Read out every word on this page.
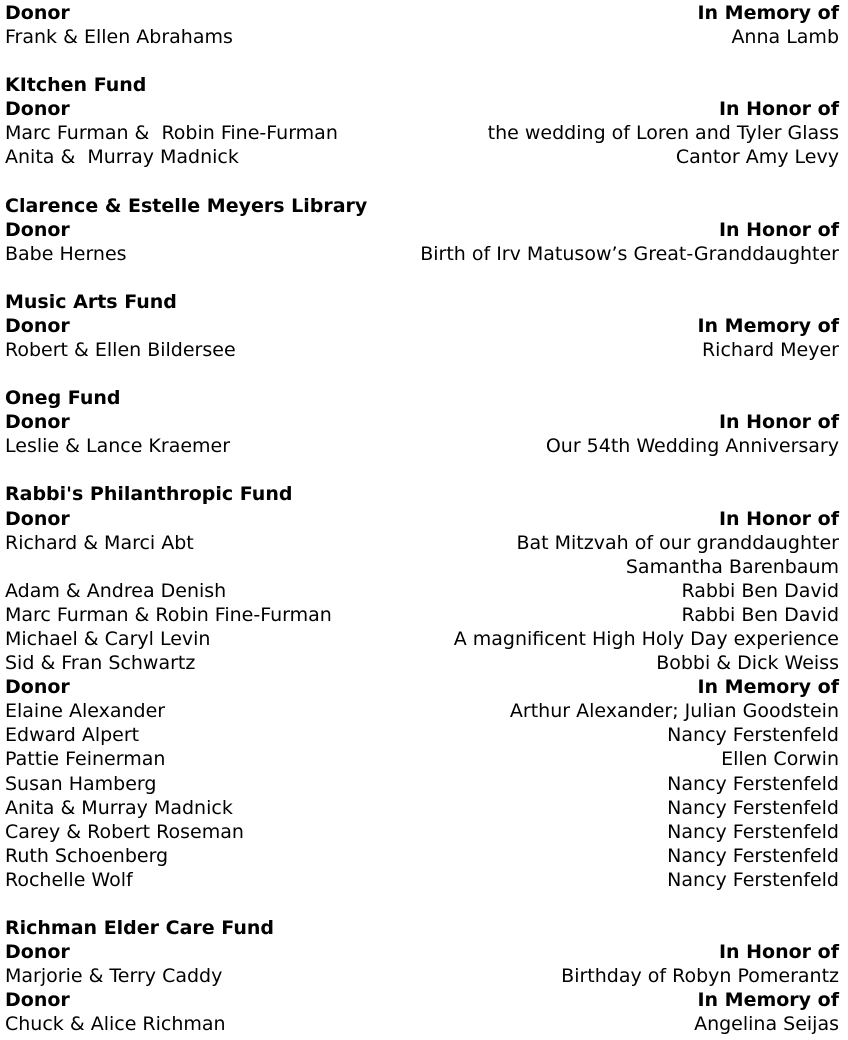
Donor	In Memory of
Frank & Ellen Abrahams	Anna Lamb
KItchen Fund
Donor	In Honor of
Marc Furman &  Robin Fine-Furman	the wedding of Loren and Tyler Glass
Anita &  Murray Madnick	Cantor Amy Levy
Clarence & Estelle Meyers Library
Donor	In Honor of
Babe Hernes	Birth of Irv Matusow’s Great-Granddaughter
Music Arts Fund
Donor	In Memory of
Robert & Ellen Bildersee	Richard Meyer
Oneg Fund
Donor	In Honor of
Leslie & Lance Kraemer	Our 54th Wedding Anniversary
Rabbi's Philanthropic Fund
Donor	In Honor of
Richard & Marci Abt	Bat Mitzvah of our granddaughter
Samantha Barenbaum
Adam & Andrea Denish	Rabbi Ben David
Marc Furman & Robin Fine-Furman	Rabbi Ben David
Michael & Caryl Levin	A magnificent High Holy Day experience
Sid & Fran Schwartz	Bobbi & Dick Weiss
Donor	In Memory of
Elaine Alexander	Arthur Alexander; Julian Goodstein
Edward Alpert	Nancy Ferstenfeld
Pattie Feinerman	Ellen Corwin
Susan Hamberg	Nancy Ferstenfeld
Anita & Murray Madnick	Nancy Ferstenfeld
Carey & Robert Roseman	Nancy Ferstenfeld
Ruth Schoenberg	Nancy Ferstenfeld
Rochelle Wolf	Nancy Ferstenfeld
Richman Elder Care Fund
Donor	In Honor of
Marjorie & Terry Caddy	Birthday of Robyn Pomerantz
Donor	In Memory of
Chuck & Alice Richman	Angelina Seijas
